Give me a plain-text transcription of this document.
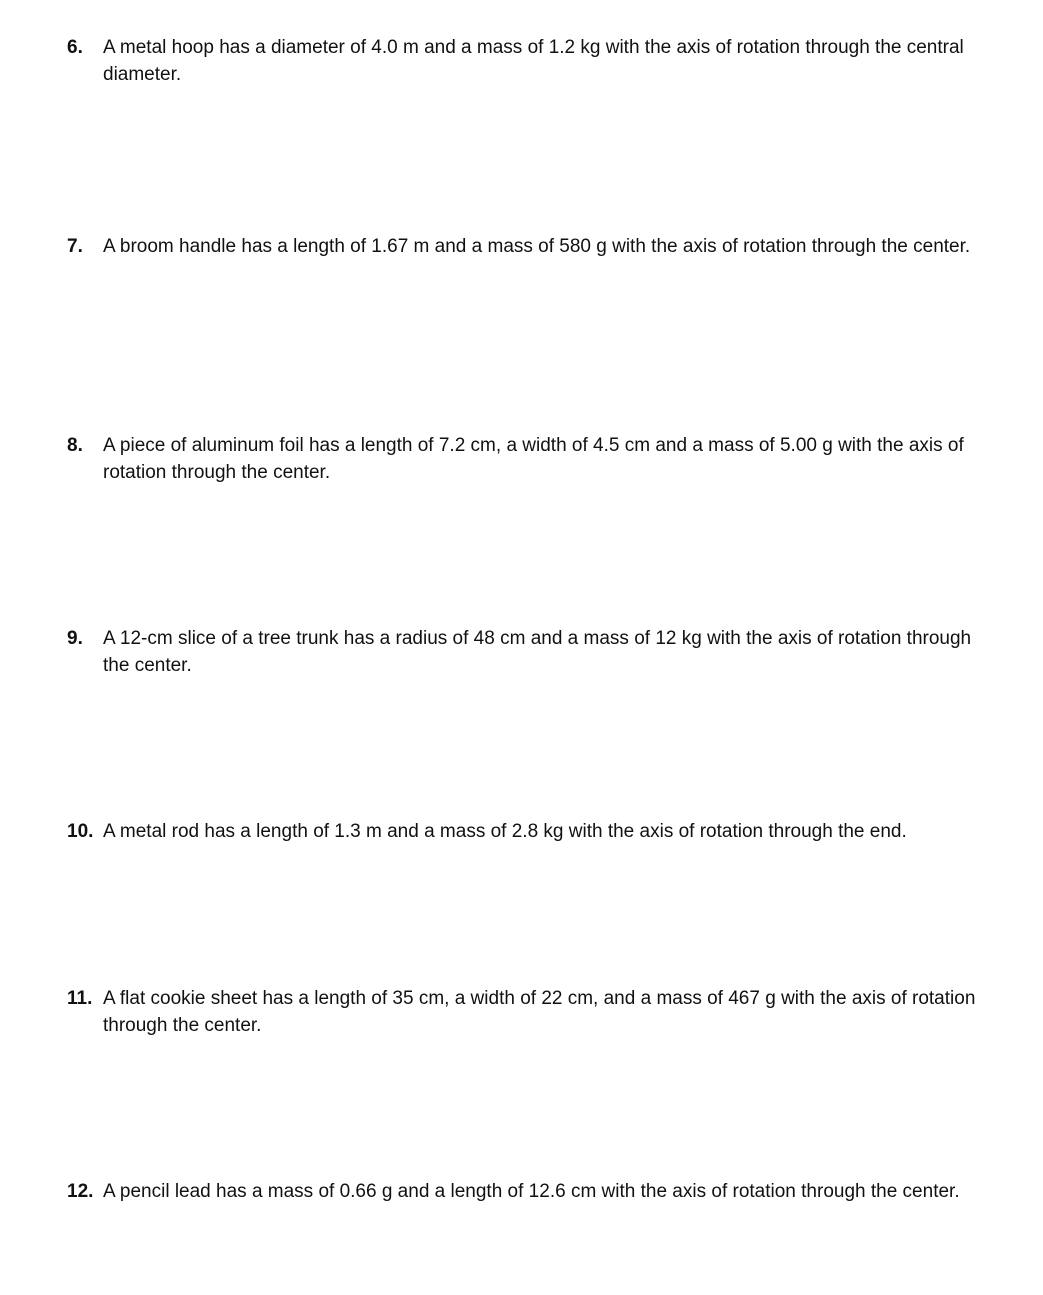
6.	A metal hoop has a diameter of 4.0 m and a mass of 1.2 kg with the axis of rotation through the central diameter.
7.	A broom handle has a length of 1.67 m and a mass of 580 g with the axis of rotation through the center.
8.	A piece of aluminum foil has a length of 7.2 cm, a width of 4.5 cm and a mass of 5.00 g with the axis of rotation through the center.
9.	A 12-cm slice of a tree trunk has a radius of 48 cm and a mass of 12 kg with the axis of rotation through the center.
10. A metal rod has a length of 1.3 m and a mass of 2.8 kg with the axis of rotation through the end.
11. A flat cookie sheet has a length of 35 cm, a width of 22 cm, and a mass of 467 g with the axis of rotation through the center.
12. A pencil lead has a mass of 0.66 g and a length of 12.6 cm with the axis of rotation through the center.
